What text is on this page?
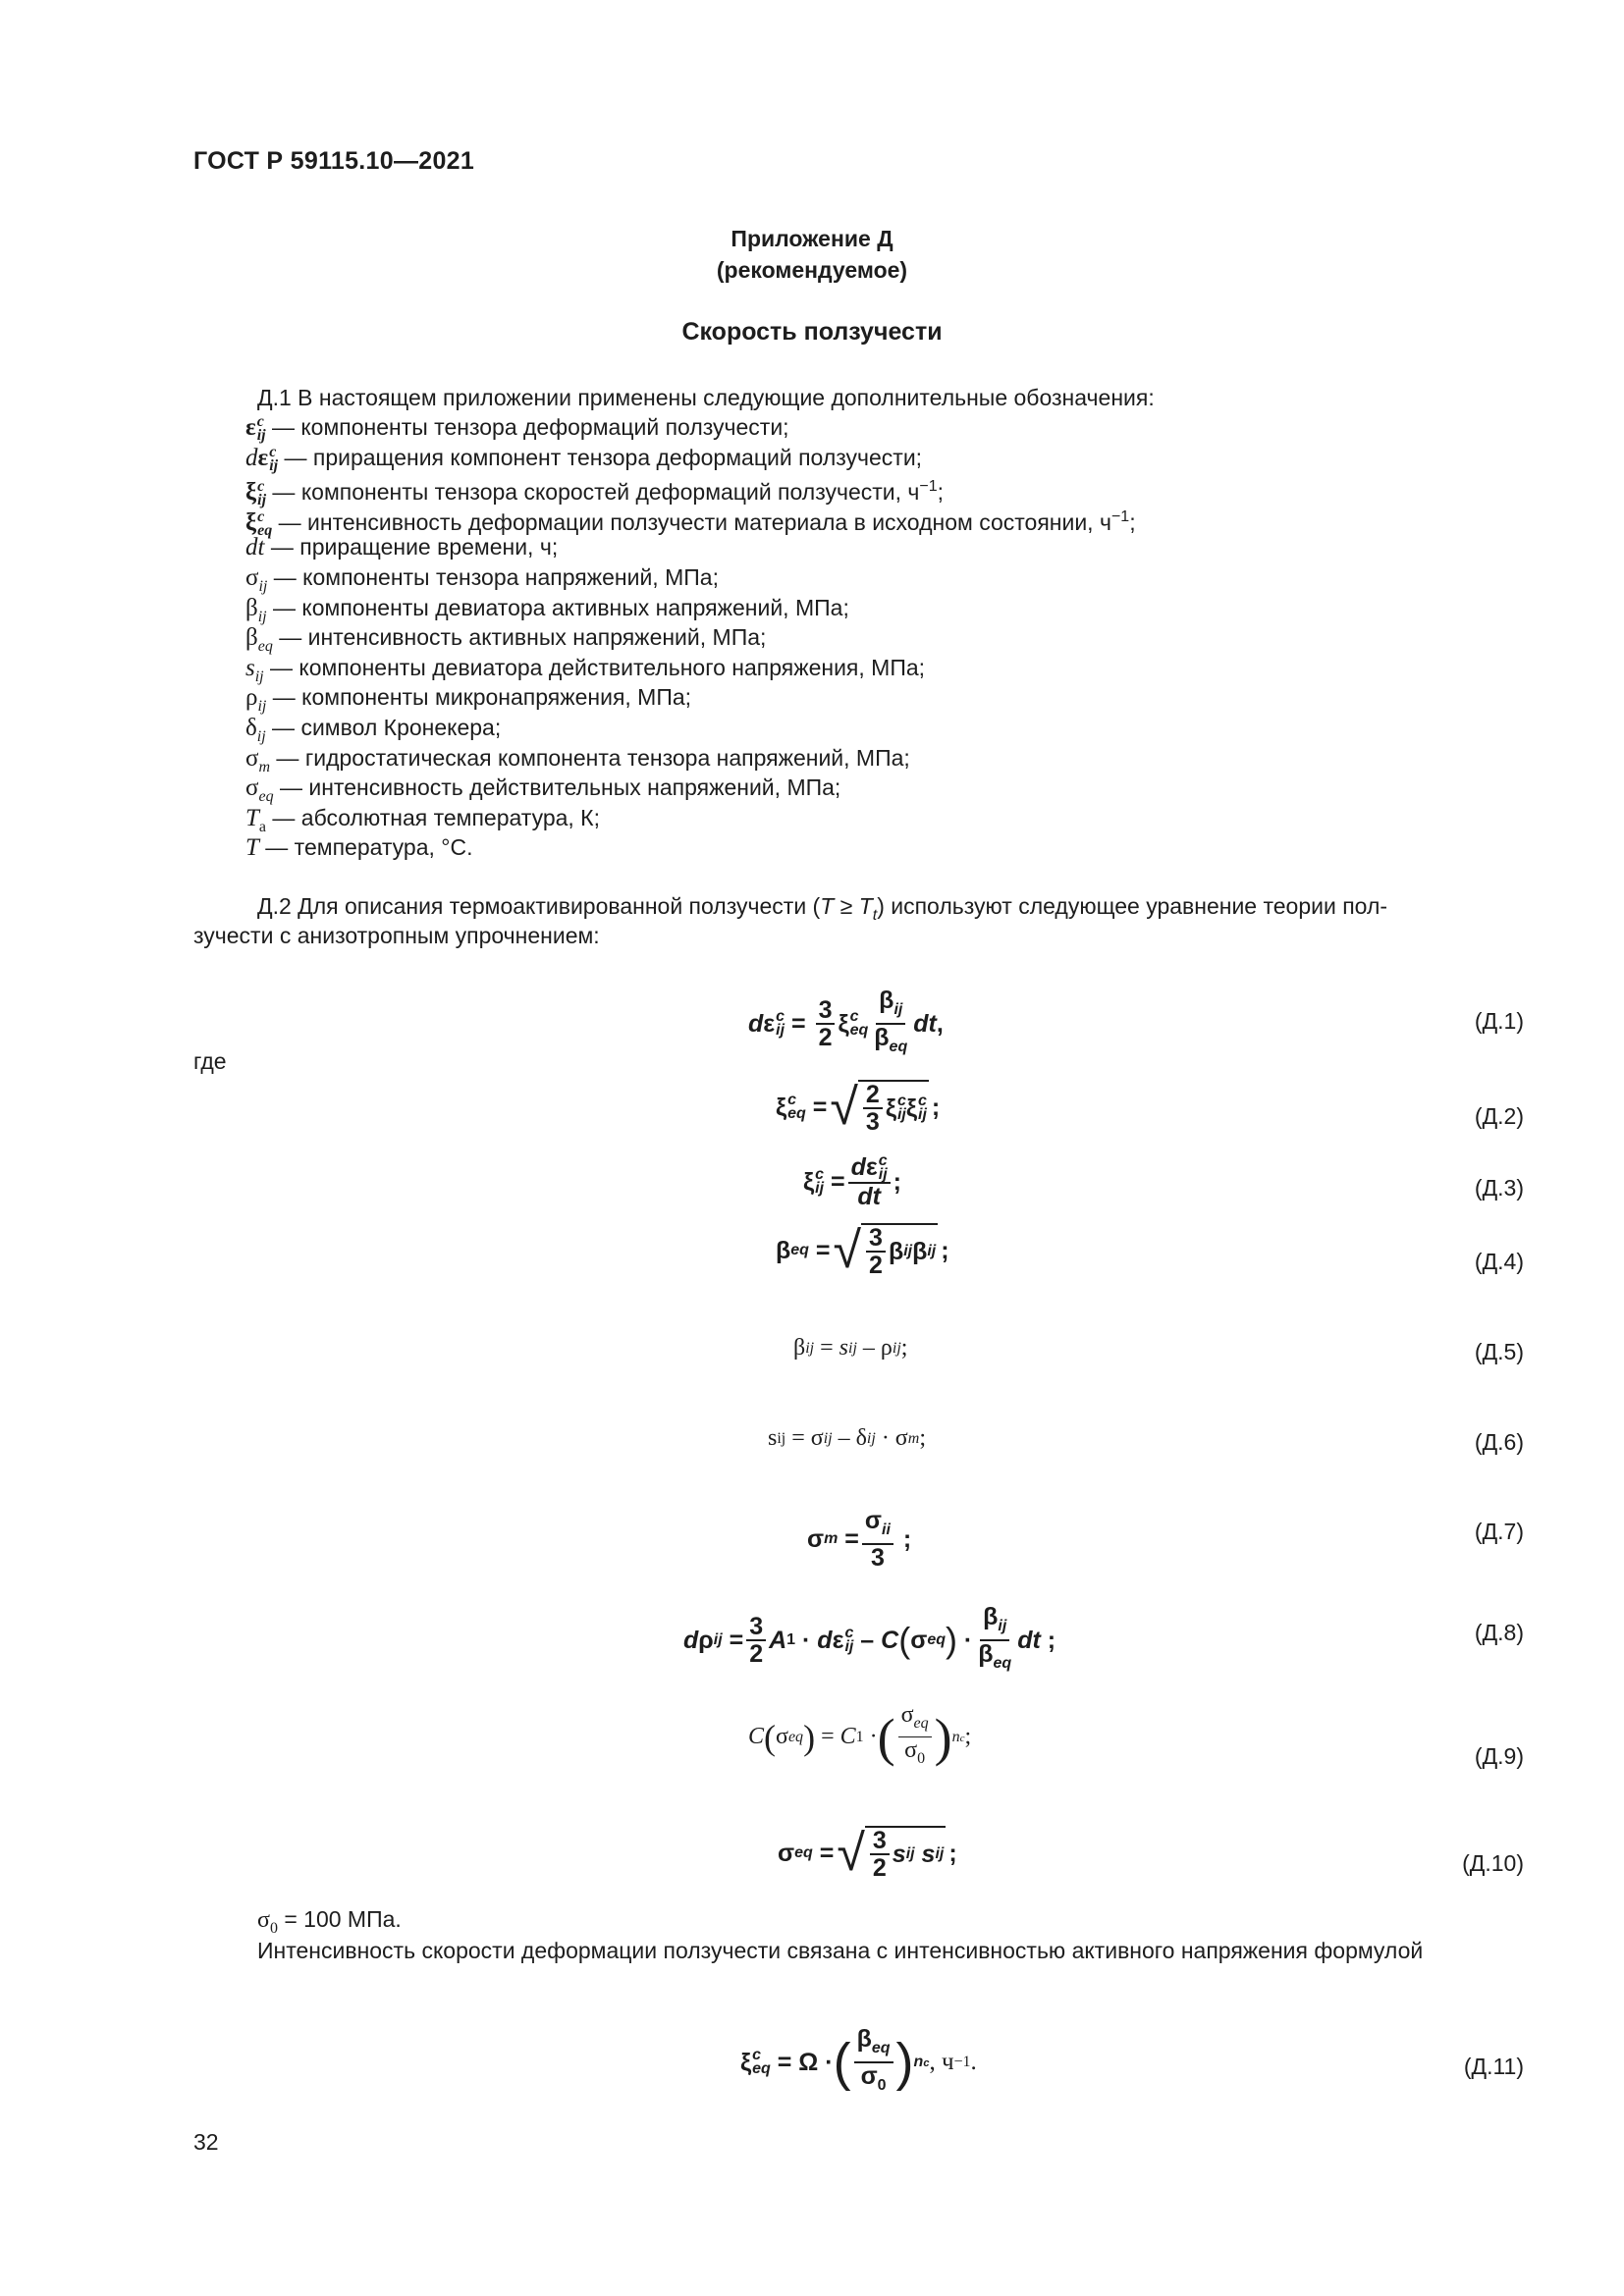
ГОСТ Р 59115.10—2021
Приложение Д
(рекомендуемое)
Скорость ползучести
Д.1 В настоящем приложении применены следующие дополнительные обозначения:
ε c
ij — компоненты тензора деформаций ползучести;
dε c
ij — приращения компонент тензора деформаций ползучести;
ξ c
ij — компоненты тензора скоростей деформаций ползучести, $ч^{-1}$;
ξ c
eq — интенсивность деформации ползучести материала в исходном состоянии, $ч^{-1}$;
dt — приращение времени, ч;
$\sigma_{ij}$ — компоненты тензора напряжений, МПа;
$\beta_{ij}$ — компоненты девиатора активных напряжений, МПа;
$\beta_{eq}$ — интенсивность активных напряжений, МПа;
$s_{ij}$ — компоненты девиатора действительного напряжения, МПа;
$\rho_{ij}$ — компоненты микронапряжения, МПа;
$\delta_{ij}$ — символ Кронекера;
$\sigma_m$ — гидростатическая компонента тензора напряжений, МПа;
$\sigma_{eq}$ — интенсивность действительных напряжений, МПа;
$T_a$ — абсолютная температура, К;
T — температура, °С.
Д.2 Для описания термоактивированной ползучести $(T \ge T_t)$ используют следующее уравнение теории пол-
зучести с анизотропным упрочнением:
d ε c
ij = $\frac{3}{2}$ ξ c
eq $\frac{\beta_{ij}}{\beta_{eq}}$ dt ,	(Д.1)
где
ξ c
eq = √ $\frac{2}{3}$ ξ c
ij ξ c
ij ;	(Д.2)
ξ c
ij = dε c
ij
dt ;	(Д.3)
β eq = √ $\frac{3}{2}$ β ij β ij ;	(Д.4)
β ij = s ij – ρ ij ;	(Д.5)
s ij = σ ij – δ ij · σ m ;	(Д.6)
σ $m = \frac{\sigma_{ii}}{3}$ ;	(Д.7)
d ρ ij = $\frac{3}{2}$ A 1 · d ε c
ij – C ( σ eq ) · $\frac{\beta_{ij}}{\beta_{eq}}$ dt ;	(Д.8)
C ( σ eq ) = C 1 · ( $\frac{\sigma_{eq}}{\sigma_0}$ ) nc ;
(Д.9)
σ eq = √ $\frac{3}{2}$ s ij
s ij ;	(Д.10)
$\sigma_0 = 100$ МПа.
Интенсивность скорости деформации ползучести связана с интенсивностью активного напряжения формулой
ξ c
eq = Ω · ( $\frac{\beta_{eq}}{\sigma_0}$ ) nc , ч −1 .	(Д.11)
32
